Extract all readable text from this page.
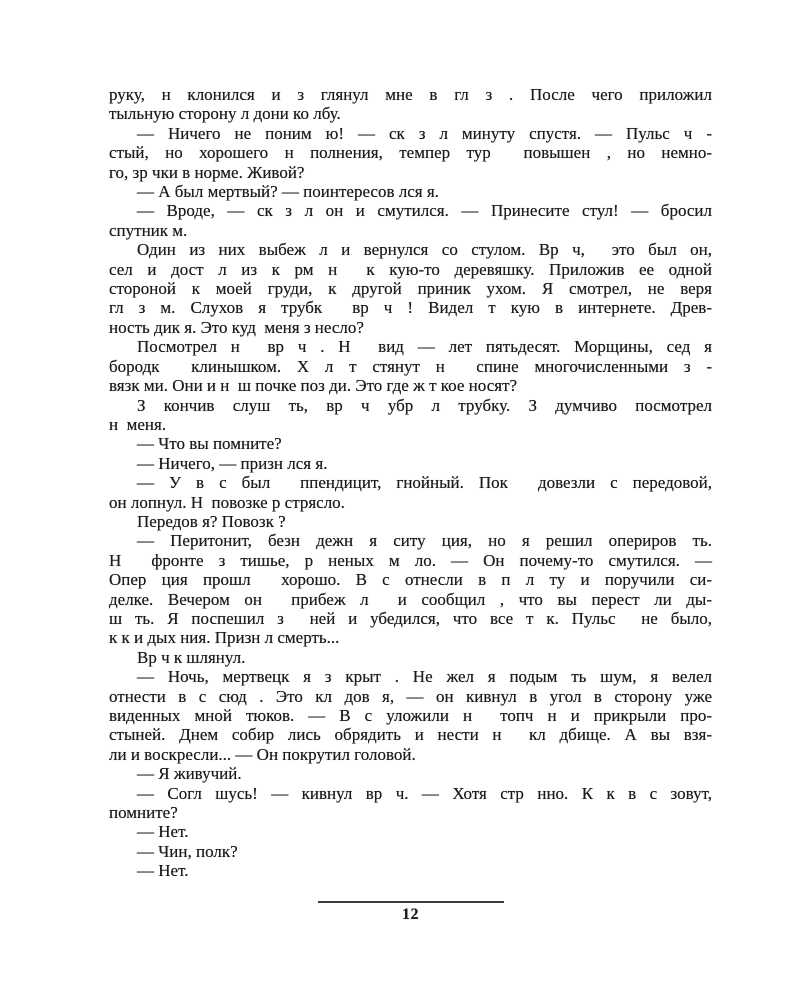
руку, н клонился и з глянул мне в гл з . После чего приложил
тыльную сторону л дони ко лбу.
— Ничего не поним ю! — ск з л минуту спустя. — Пульс ч -
стый, но хорошего н полнения, темпер тур  повышен , но немно-
го, зр чки в норме. Живой?
— А был мертвый? — поинтересов лся я.
— Вроде, — ск з л он и смутился. — Принесите стул! — бросил
спутник м.
Один из них выбеж л и вернулся со стулом. Вр ч,  это был он,
сел и дост л из к рм н  к кую-то деревяшку. Приложив ее одной
стороной к моей груди, к другой приник ухом. Я смотрел, не веря
гл з м. Слухов я трубк  вр ч ! Видел т кую в интернете. Древ-
ность дик я. Это куд  меня з несло?
Посмотрел н  вр ч . Н  вид — лет пятьдесят. Морщины, сед я
бородк  клинышком. Х л т стянут н  спине многочисленными з -
вязк ми. Они и н  ш почке поз ди. Это где ж т кое носят?
З кончив слуш ть, вр ч убр л трубку. З думчиво посмотрел
н  меня.
— Что вы помните?
— Ничего, — призн лся я.
— У в с был  ппендицит, гнойный. Пок  довезли с передовой,
он лопнул. Н  повозке р стрясло.
Передов я? Повозк ?
— Перитонит, безн дежн я ситу ция, но я решил опериров ть.
Н  фронте з тишье, р неных м ло. — Он почему-то смутился. —
Опер ция прошл  хорошо. В с отнесли в п л ту и поручили си-
делке. Вечером он  прибеж л  и сообщил , что вы перест ли ды-
ш ть. Я поспешил з  ней и убедился, что все т к. Пульс  не было,
к к и дых ния. Призн л смерть...
Вр ч к шлянул.
— Ночь, мертвецк я з крыт . Не жел я подым ть шум, я велел
отнести в с сюд . Это кл дов я, — он кивнул в угол в сторону уже
виденных мной тюков. — В с уложили н  топч н и прикрыли про-
стыней. Днем собир лись обрядить и нести н  кл дбище. А вы взя-
ли и воскресли... — Он покрутил головой.
— Я живучий.
— Согл шусь! — кивнул вр ч. — Хотя стр нно. К к в с зовут,
помните?
— Нет.
— Чин, полк?
— Нет.
12
